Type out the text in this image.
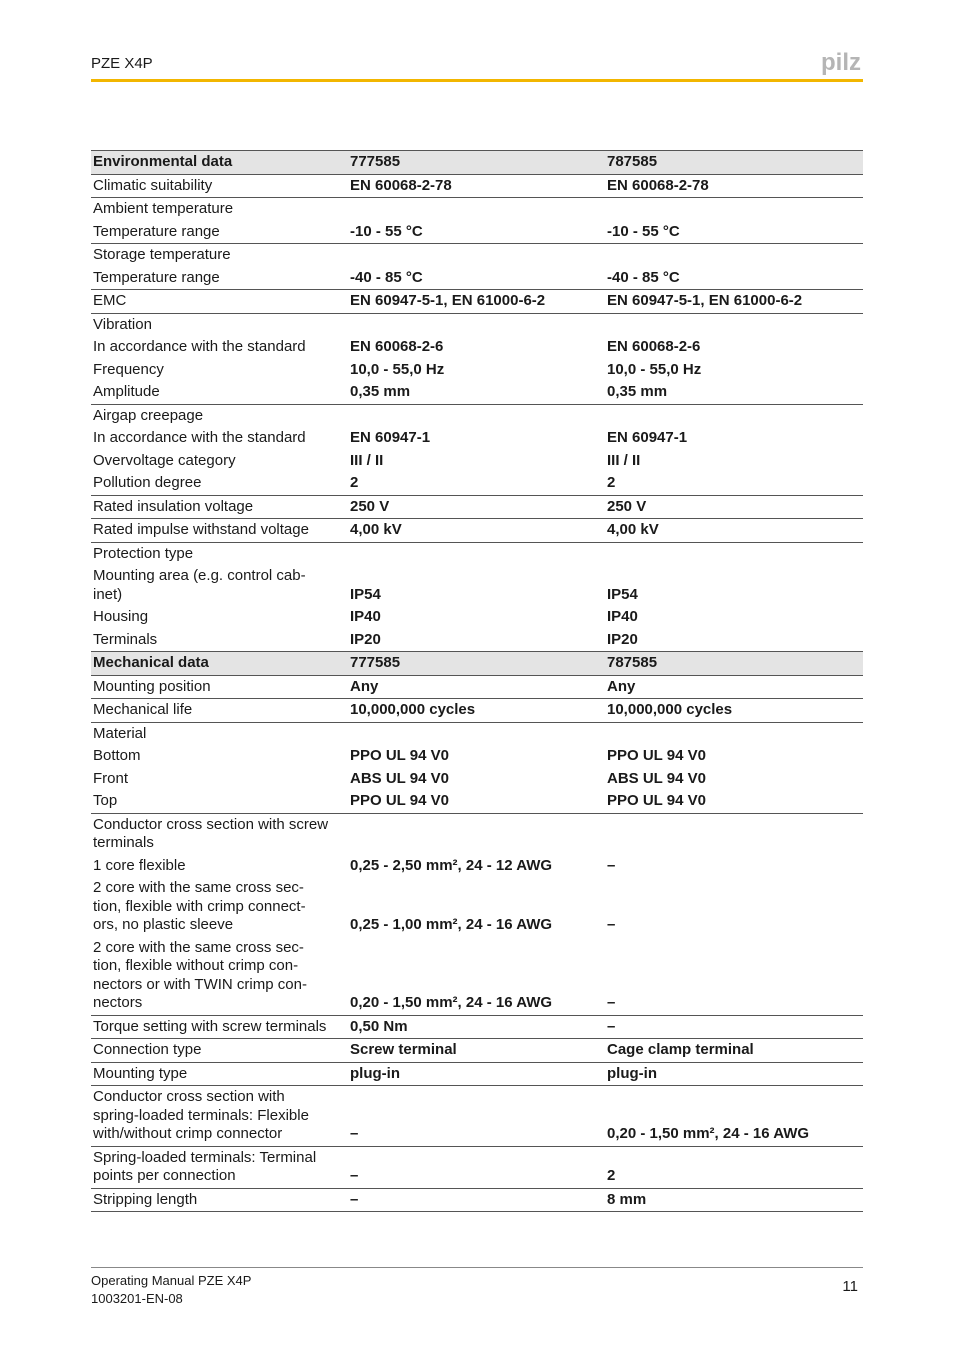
PZE X4P	pilz
Environmental data	777585	787585
Climatic suitability	EN 60068-2-78	EN 60068-2-78
Ambient temperature		
Temperature range	-10 - 55 °C	-10 - 55 °C
Storage temperature		
Temperature range	-40 - 85 °C	-40 - 85 °C
EMC	EN 60947-5-1, EN 61000-6-2	EN 60947-5-1, EN 61000-6-2
Vibration		
In accordance with the standard	EN 60068-2-6	EN 60068-2-6
Frequency	10,0 - 55,0 Hz	10,0 - 55,0 Hz
Amplitude	0,35 mm	0,35 mm
Airgap creepage		
In accordance with the standard	EN 60947-1	EN 60947-1
Overvoltage category	III / II	III / II
Pollution degree	2	2
Rated insulation voltage	250 V	250 V
Rated impulse withstand voltage	4,00 kV	4,00 kV
Protection type		
Mounting area (e.g. control cab-
inet)	IP54	IP54
Housing	IP40	IP40
Terminals	IP20	IP20
Mechanical data	777585	787585
Mounting position	Any	Any
Mechanical life	10,000,000 cycles	10,000,000 cycles
Material		
Bottom	PPO UL 94 V0	PPO UL 94 V0
Front	ABS UL 94 V0	ABS UL 94 V0
Top	PPO UL 94 V0	PPO UL 94 V0
Conductor cross section with screw
terminals		
1 core flexible	0,25 - 2,50 mm², 24 - 12 AWG	–
2 core with the same cross sec-
tion, flexible with crimp connect-
ors, no plastic sleeve	0,25 - 1,00 mm², 24 - 16 AWG	–
2 core with the same cross sec-
tion, flexible without crimp con-
nectors or with TWIN crimp con-
nectors	0,20 - 1,50 mm², 24 - 16 AWG	–
Torque setting with screw terminals	0,50 Nm	–
Connection type	Screw terminal	Cage clamp terminal
Mounting type	plug-in	plug-in
Conductor cross section with
spring-loaded terminals: Flexible
with/without crimp connector	–	0,20 - 1,50 mm², 24 - 16 AWG
Spring-loaded terminals: Terminal
points per connection	–	2
Stripping length	–	8 mm
Operating Manual PZE X4P
1003201-EN-08
11
